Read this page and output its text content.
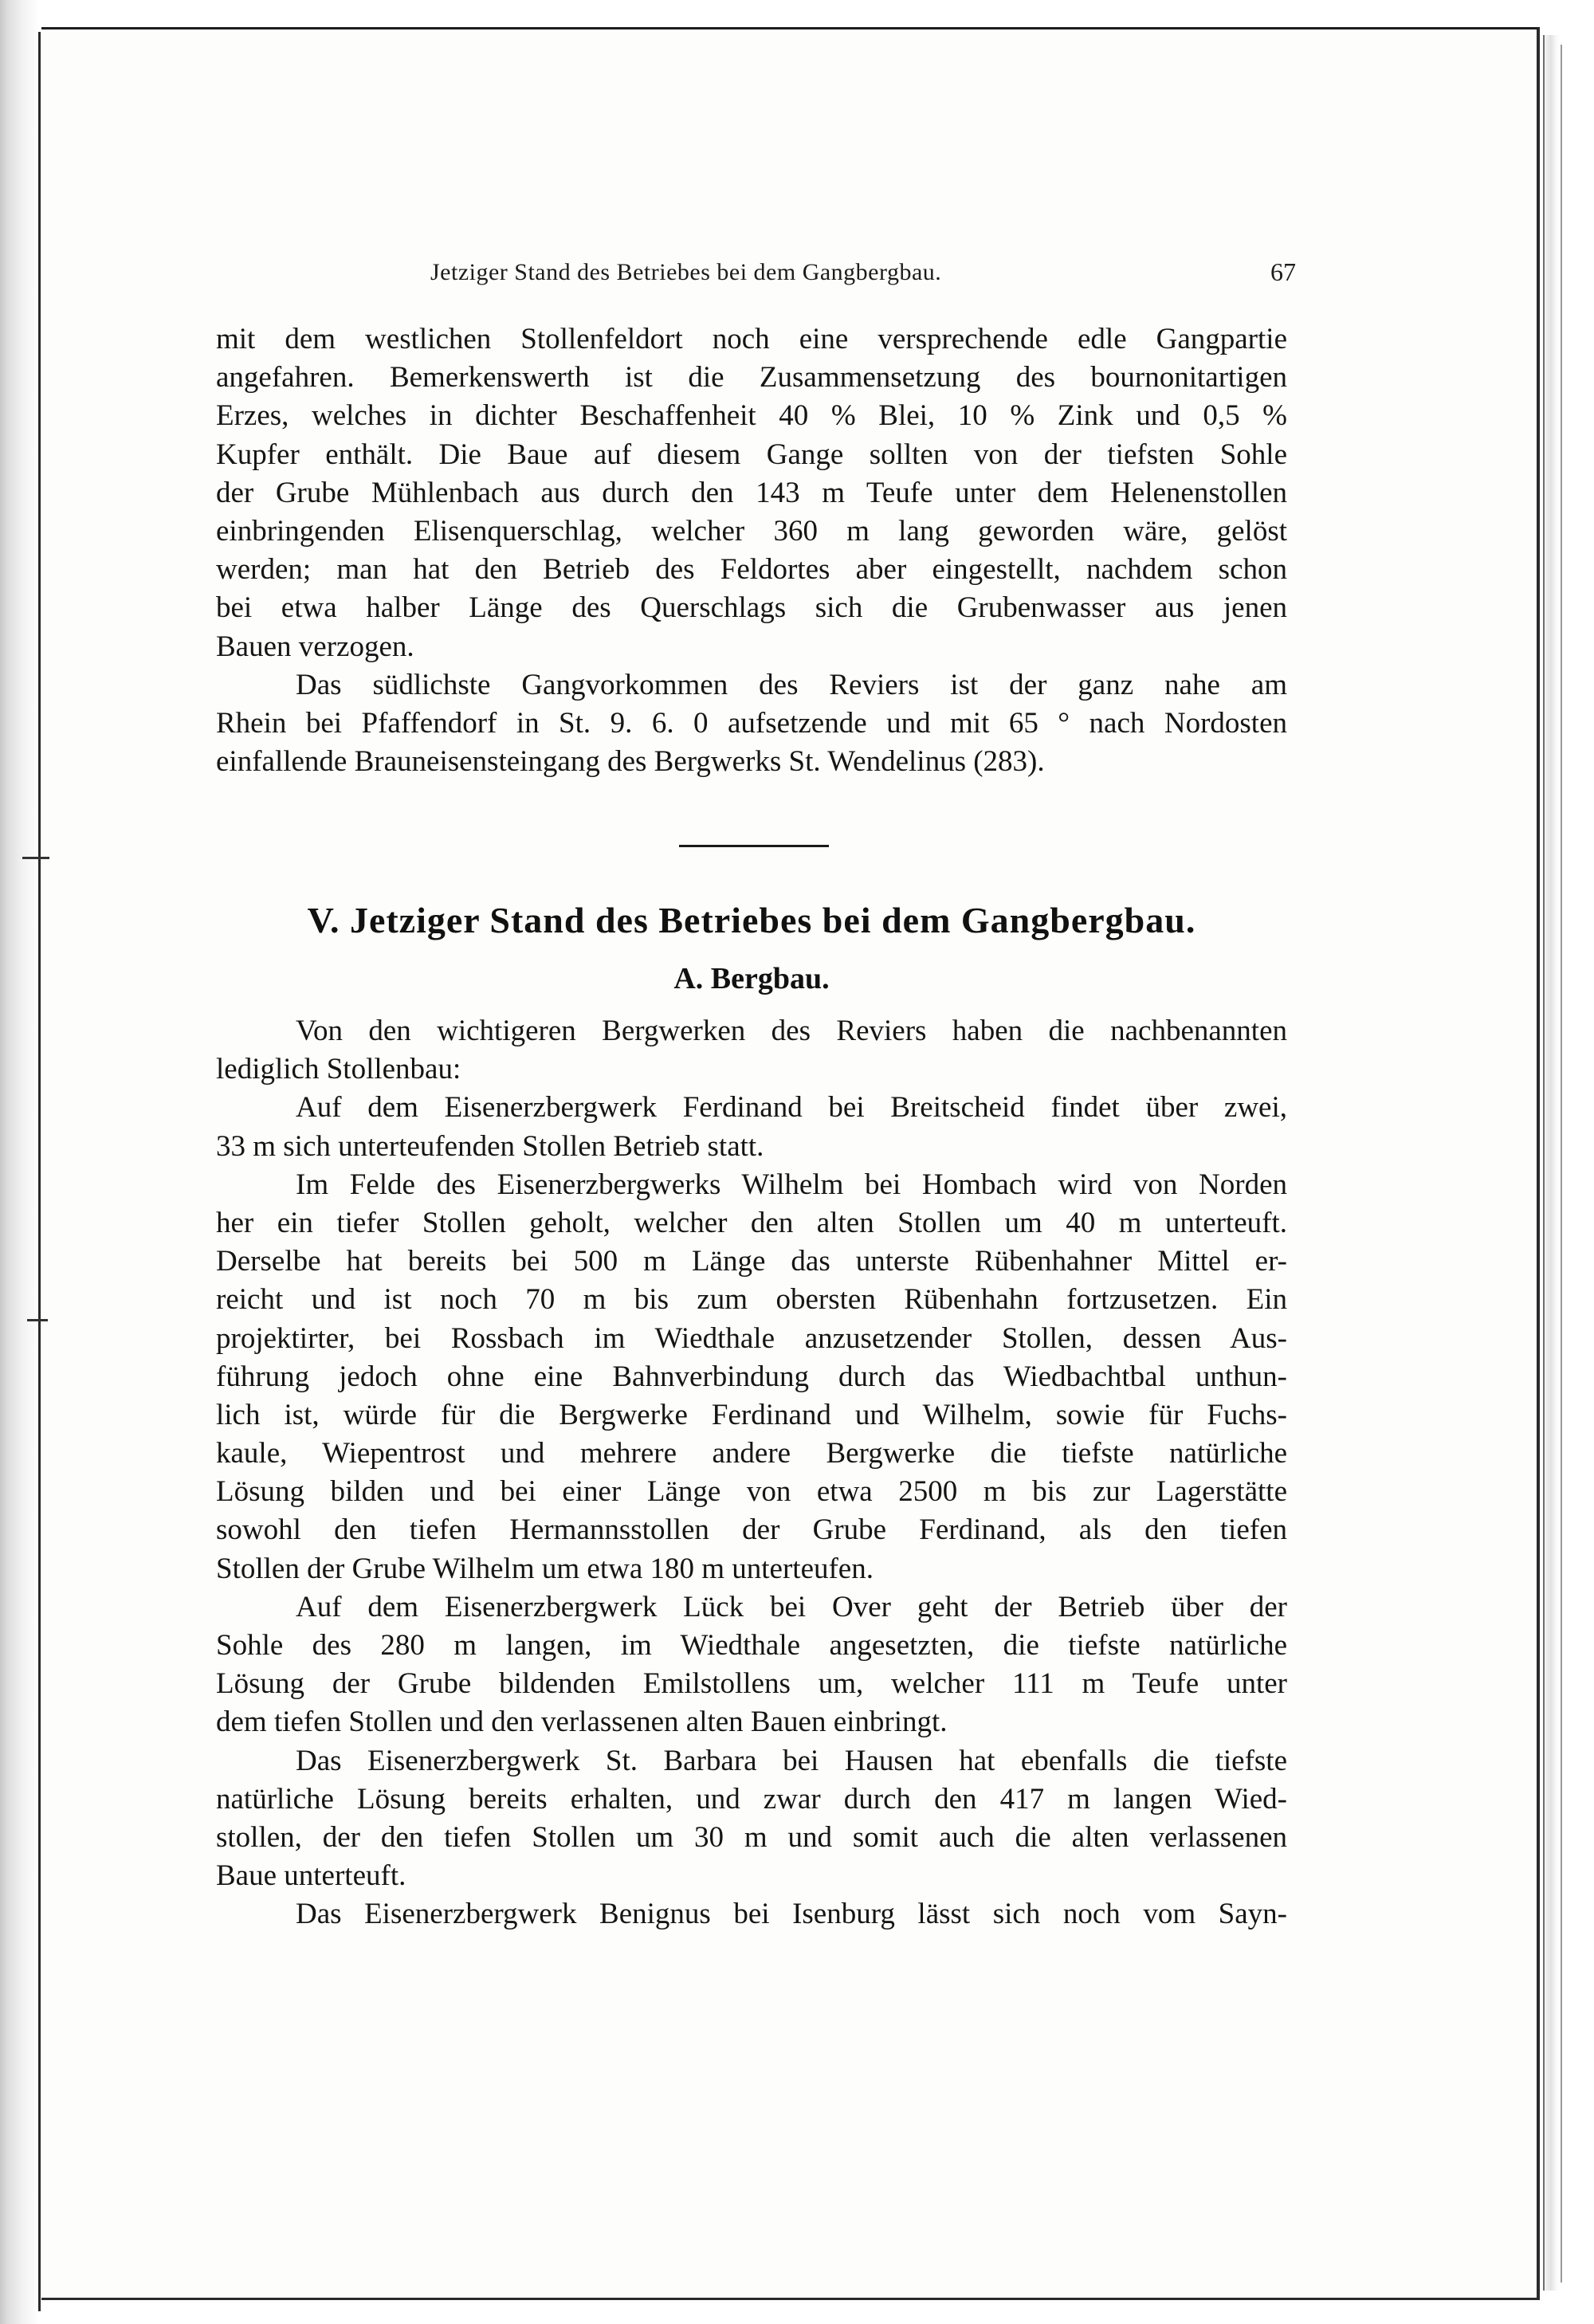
Jetziger Stand des Betriebes bei dem Gangbergbau.	67

mit dem westlichen Stollenfeldort noch eine versprechende edle Gangpartie
angefahren. Bemerkenswerth ist die Zusammensetzung des bournonitartigen
Erzes, welches in dichter Beschaffenheit 40 % Blei, 10 % Zink und 0,5 %
Kupfer enthält. Die Baue auf diesem Gange sollten von der tiefsten Sohle
der Grube Mühlenbach aus durch den 143 m Teufe unter dem Helenenstollen
einbringenden Elisenquerschlag, welcher 360 m lang geworden wäre, gelöst
werden; man hat den Betrieb des Feldortes aber eingestellt, nachdem schon
bei etwa halber Länge des Querschlags sich die Grubenwasser aus jenen
Bauen verzogen.

Das südlichste Gangvorkommen des Reviers ist der ganz nahe am
Rhein bei Pfaffendorf in St. 9. 6. 0 aufsetzende und mit 65 ° nach Nordosten
einfallende Brauneisensteingang des Bergwerks St. Wendelinus (283).

V. Jetziger Stand des Betriebes bei dem Gangbergbau.
A. Bergbau.

Von den wichtigeren Bergwerken des Reviers haben die nachbenannten
lediglich Stollenbau:

Auf dem Eisenerzbergwerk Ferdinand bei Breitscheid findet über zwei,
33 m sich unterteufenden Stollen Betrieb statt.

Im Felde des Eisenerzbergwerks Wilhelm bei Hombach wird von Norden
her ein tiefer Stollen geholt, welcher den alten Stollen um 40 m unterteuft.
Derselbe hat bereits bei 500 m Länge das unterste Rübenhahner Mittel er-
reicht und ist noch 70 m bis zum obersten Rübenhahn fortzusetzen. Ein
projektirter, bei Rossbach im Wiedthale anzusetzender Stollen, dessen Aus-
führung jedoch ohne eine Bahnverbindung durch das Wiedbachtbal unthun-
lich ist, würde für die Bergwerke Ferdinand und Wilhelm, sowie für Fuchs-
kaule, Wiepentrost und mehrere andere Bergwerke die tiefste natürliche
Lösung bilden und bei einer Länge von etwa 2500 m bis zur Lagerstätte
sowohl den tiefen Hermannsstollen der Grube Ferdinand, als den tiefen
Stollen der Grube Wilhelm um etwa 180 m unterteufen.

Auf dem Eisenerzbergwerk Lück bei Over geht der Betrieb über der
Sohle des 280 m langen, im Wiedthale angesetzten, die tiefste natürliche
Lösung der Grube bildenden Emilstollens um, welcher 111 m Teufe unter
dem tiefen Stollen und den verlassenen alten Bauen einbringt.

Das Eisenerzbergwerk St. Barbara bei Hausen hat ebenfalls die tiefste
natürliche Lösung bereits erhalten, und zwar durch den 417 m langen Wied-
stollen, der den tiefen Stollen um 30 m und somit auch die alten verlassenen
Baue unterteuft.

Das Eisenerzbergwerk Benignus bei Isenburg lässt sich noch vom Sayn-
